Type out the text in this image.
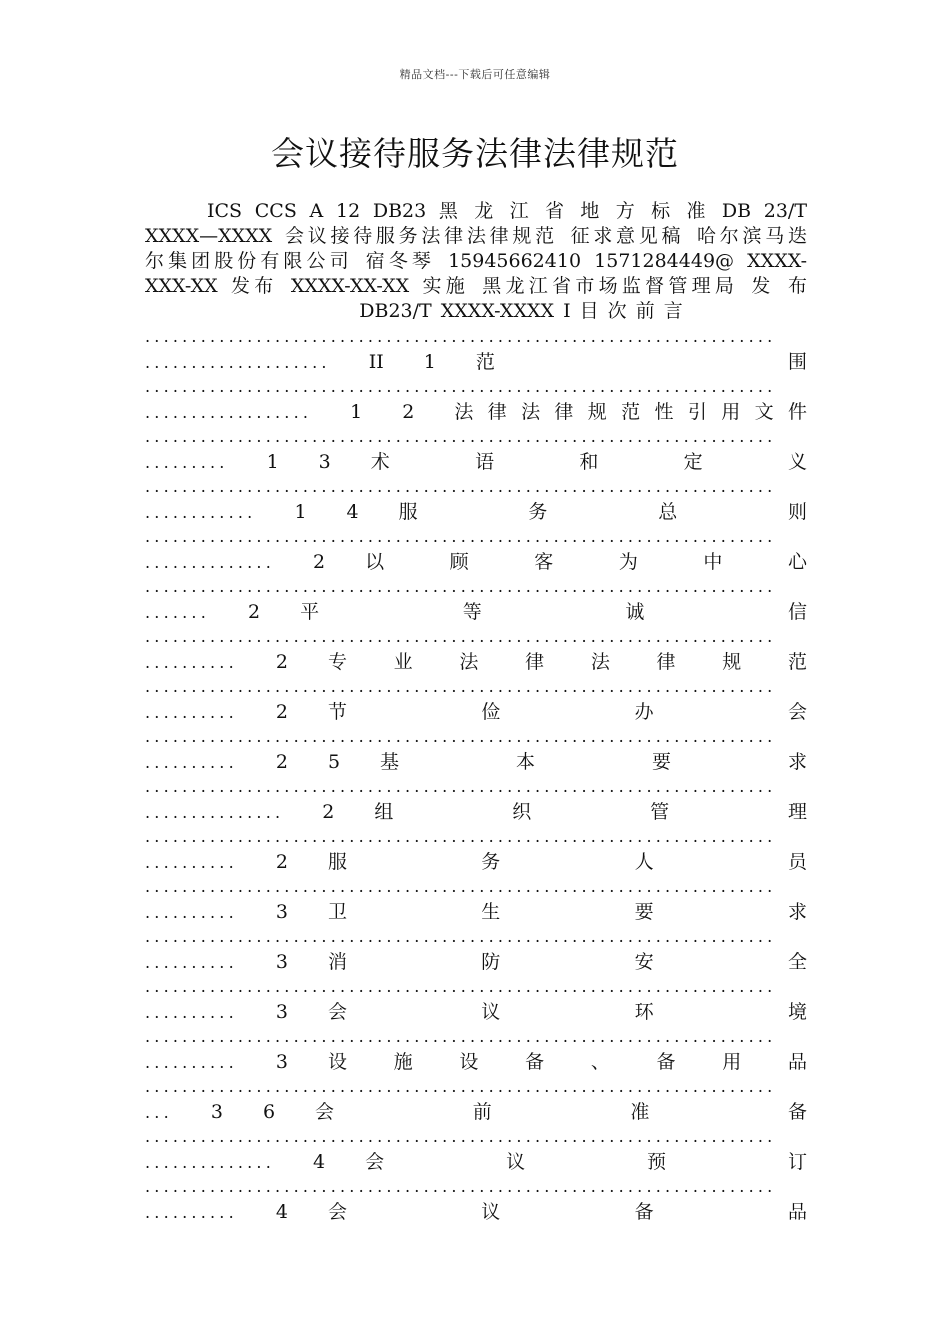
精品文档---下载后可任意编辑
会议接待服务法律法律规范

ICS CCS A 12 DB23 黑 龙 江 省 地 方 标 准 DB 23/T

XXXX—XXXX 会议接待服务法律法律规范 征求意见稿 哈尔滨马迭

尔集团股份有限公司 宿冬琴 15945662410 1571284449@ XXXX-

XXX-XX 发布 XXXX-XX-XX 实施 黑龙江省市场监督管理局 发 布

DB23/T XXXX-XXXX I 目 次 前 言

....................................................................
.................... II 1 范 围
....................................................................
.................. 1 2 法律法律规范性引用文件
....................................................................
......... 1 3 术 语 和 定 义
....................................................................
............ 1 4 服 务 总 则
....................................................................
.............. 2 以 顾 客 为 中 心
....................................................................
....... 2 平 等 诚 信
....................................................................
.......... 2 专 业 法 律 法 律 规 范
....................................................................
.......... 2 节 俭 办 会
....................................................................
.......... 2 5 基 本 要 求
....................................................................
............... 2 组 织 管 理
....................................................................
.......... 2 服 务 人 员
....................................................................
.......... 3 卫 生 要 求
....................................................................
.......... 3 消 防 安 全
....................................................................
.......... 3 会 议 环 境
....................................................................
.......... 3 设 施 设 备 、 备 用 品
....................................................................
... 3 6 会 前 准 备
....................................................................
.............. 4 会 议 预 订
....................................................................
.......... 4 会 议 备 品
